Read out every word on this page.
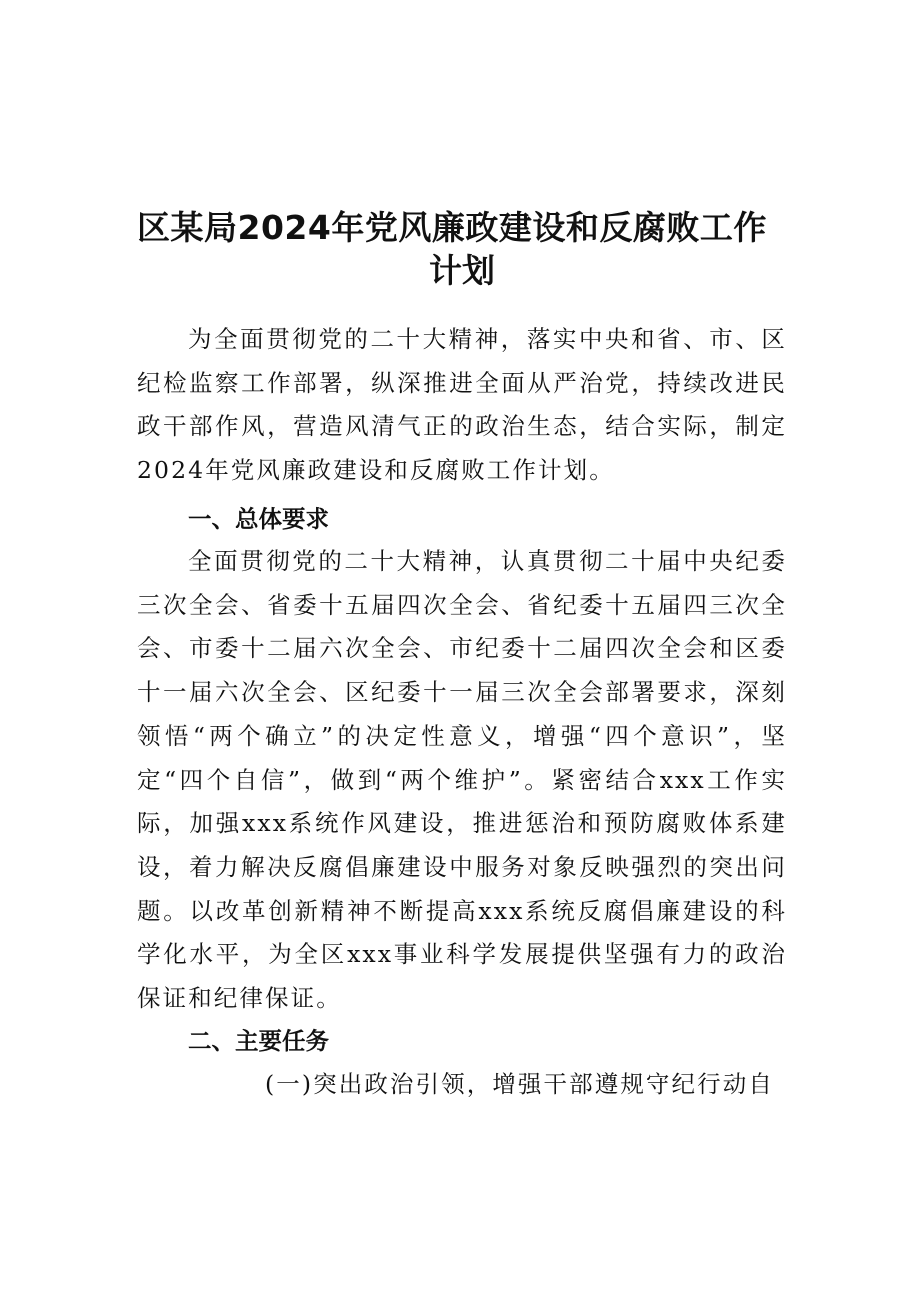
区某局2024年党风廉政建设和反腐败工作
计划

为全面贯彻党的二十大精神，落实中央和省、市、区纪检监察工作部署，纵深推进全面从严治党，持续改进民政干部作风，营造风清气正的政治生态，结合实际，制定2024年党风廉政建设和反腐败工作计划。

一、总体要求

全面贯彻党的二十大精神，认真贯彻二十届中央纪委三次全会、省委十五届四次全会、省纪委十五届四三次全会、市委十二届六次全会、市纪委十二届四次全会和区委十一届六次全会、区纪委十一届三次全会部署要求，深刻领悟“两个确立”的决定性意义，增强“四个意识”，坚定“四个自信”，做到“两个维护”。紧密结合xxx工作实际，加强xxx系统作风建设，推进惩治和预防腐败体系建设，着力解决反腐倡廉建设中服务对象反映强烈的突出问题。以改革创新精神不断提高xxx系统反腐倡廉建设的科学化水平，为全区xxx事业科学发展提供坚强有力的政治保证和纪律保证。

二、主要任务

(一)突出政治引领，增强干部遵规守纪行动自
